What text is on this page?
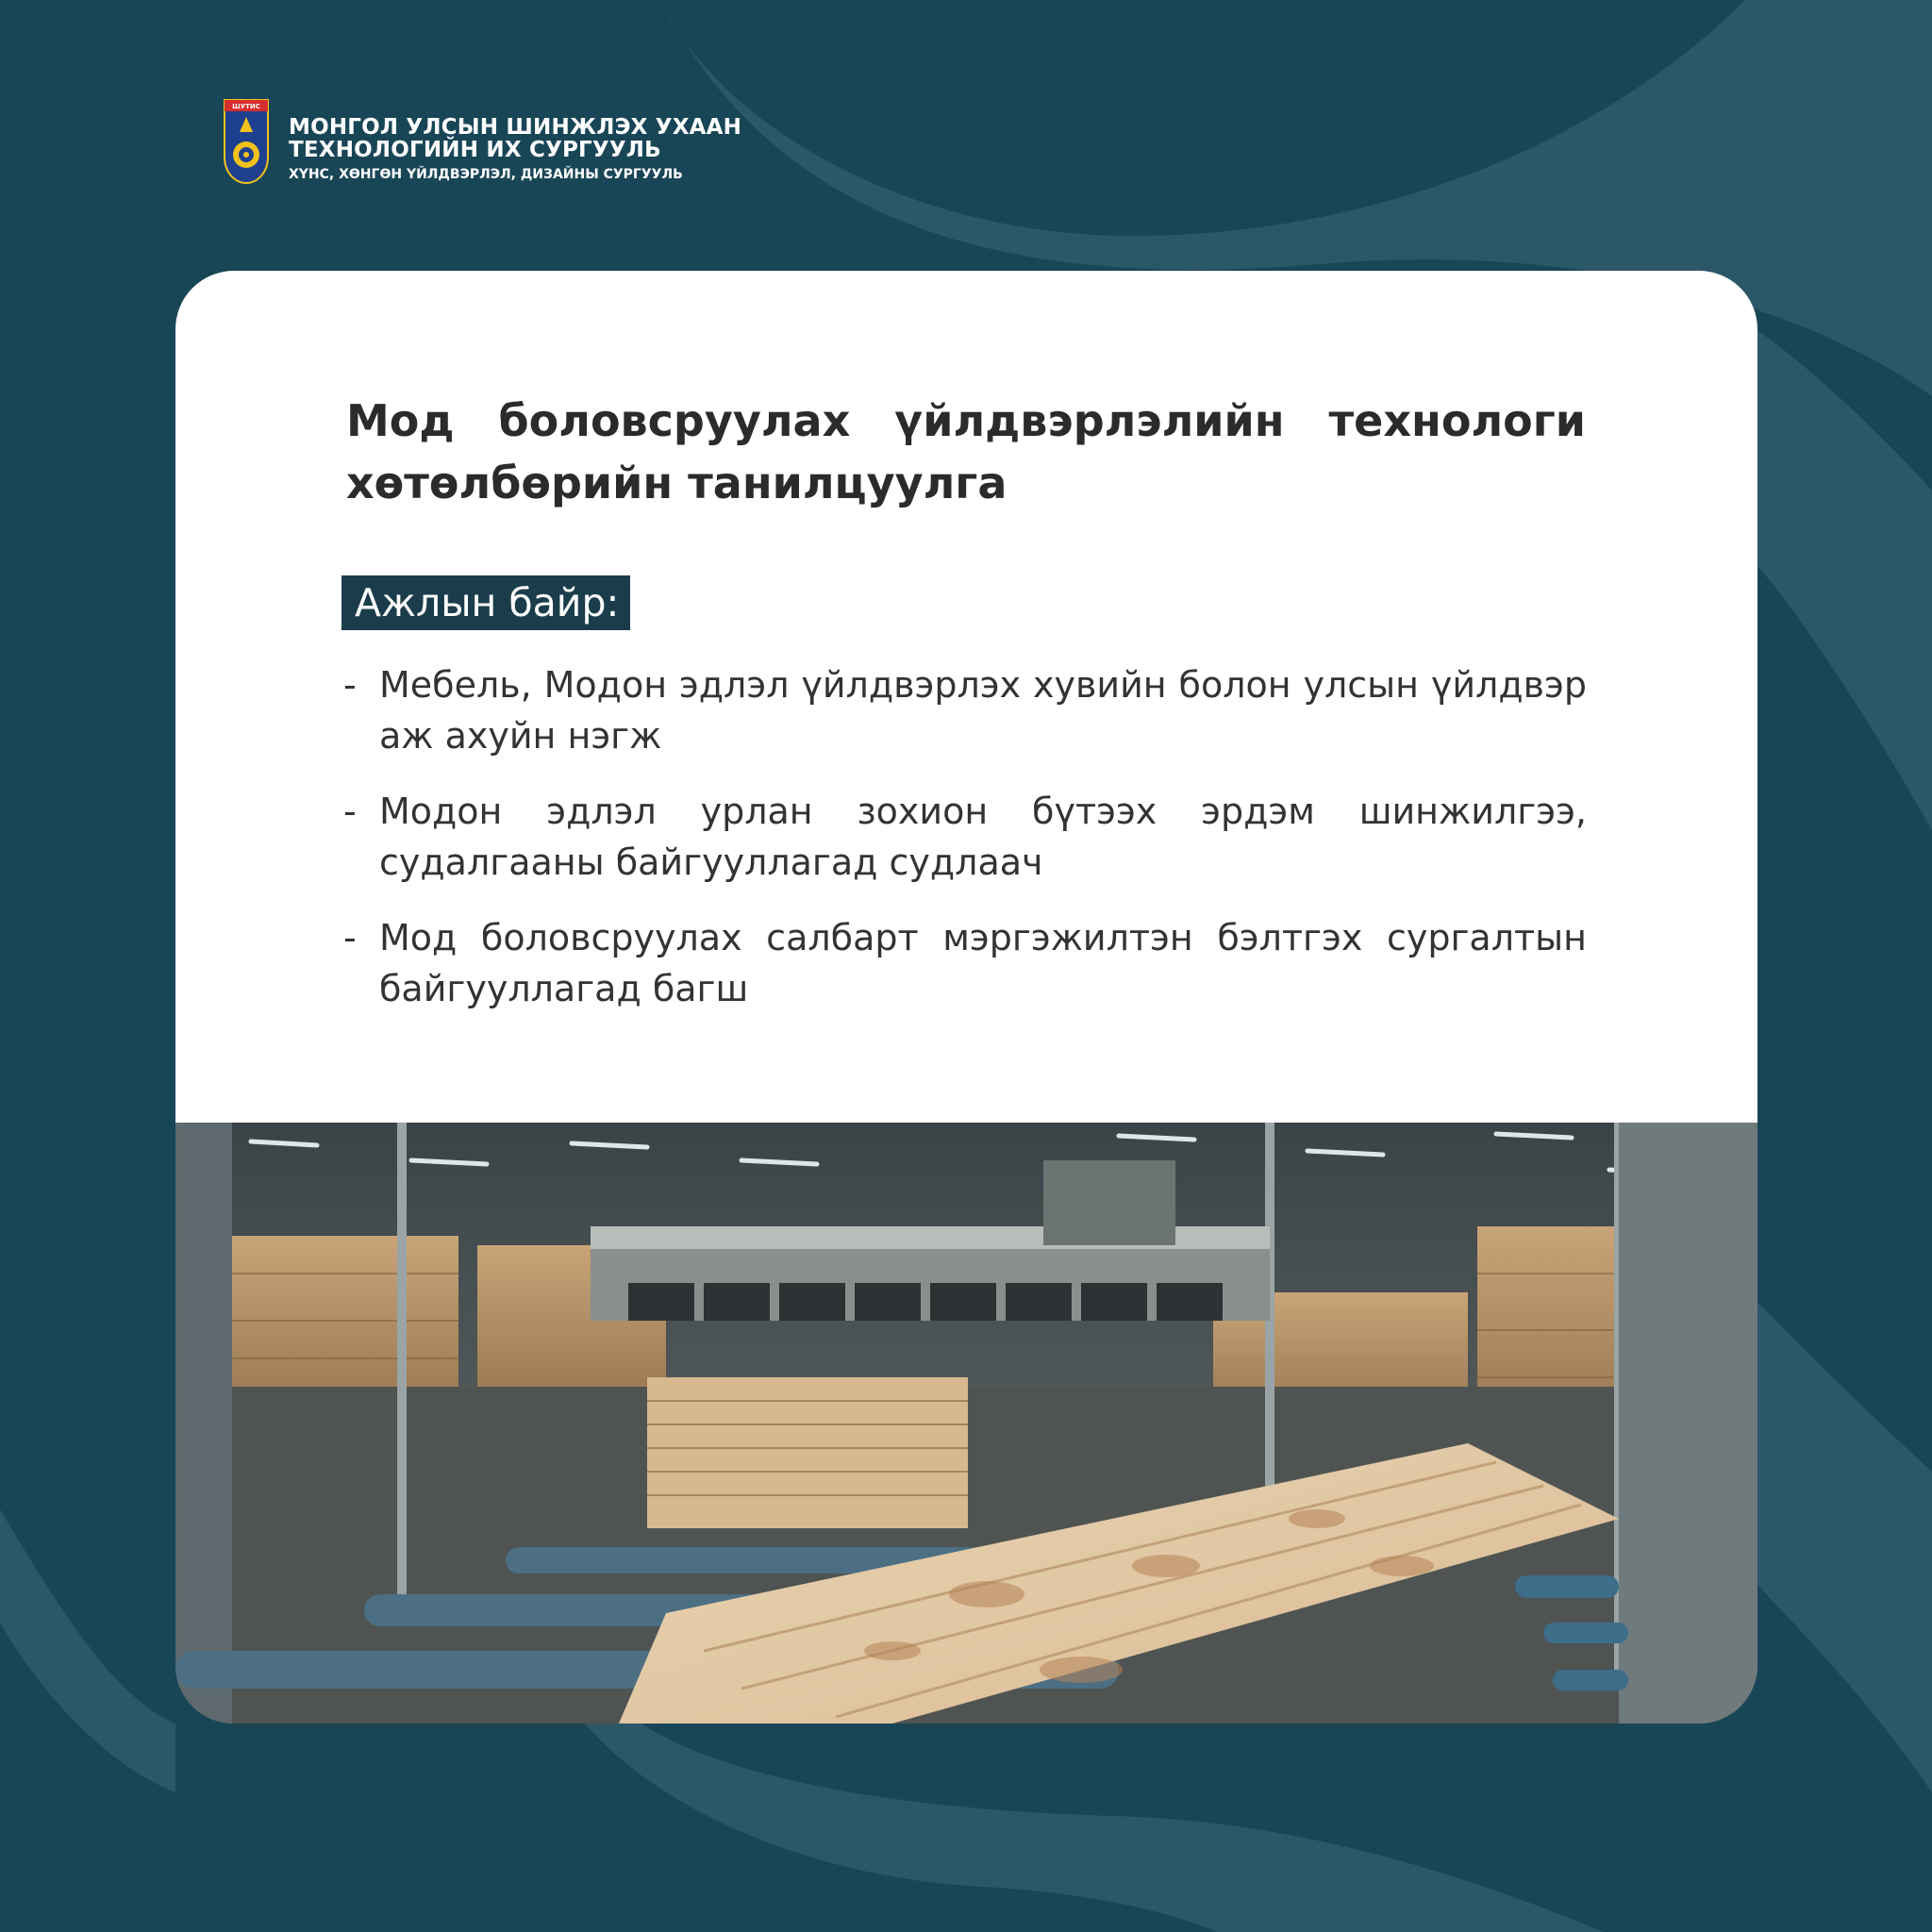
ШУТИС
МОНГОЛ УЛСЫН ШИНЖЛЭХ УХААН
ТЕХНОЛОГИЙН ИХ СУРГУУЛЬ
ХҮНС, ХӨНГӨН ҮЙЛДВЭРЛЭЛ, ДИЗАЙНЫ СУРГУУЛЬ
Мод боловсруулах үйлдвэрлэлийн технологи хөтөлбөрийн танилцуулга
Ажлын байр:
- Мебель, Модон эдлэл үйлдвэрлэх хувийн болон улсын үйлдвэр аж ахуйн нэгж
- Модон эдлэл урлан зохион бүтээх эрдэм шинжилгээ, судалгааны байгууллагад судлаач
- Мод боловсруулах салбарт мэргэжилтэн бэлтгэх сургалтын байгууллагад багш
